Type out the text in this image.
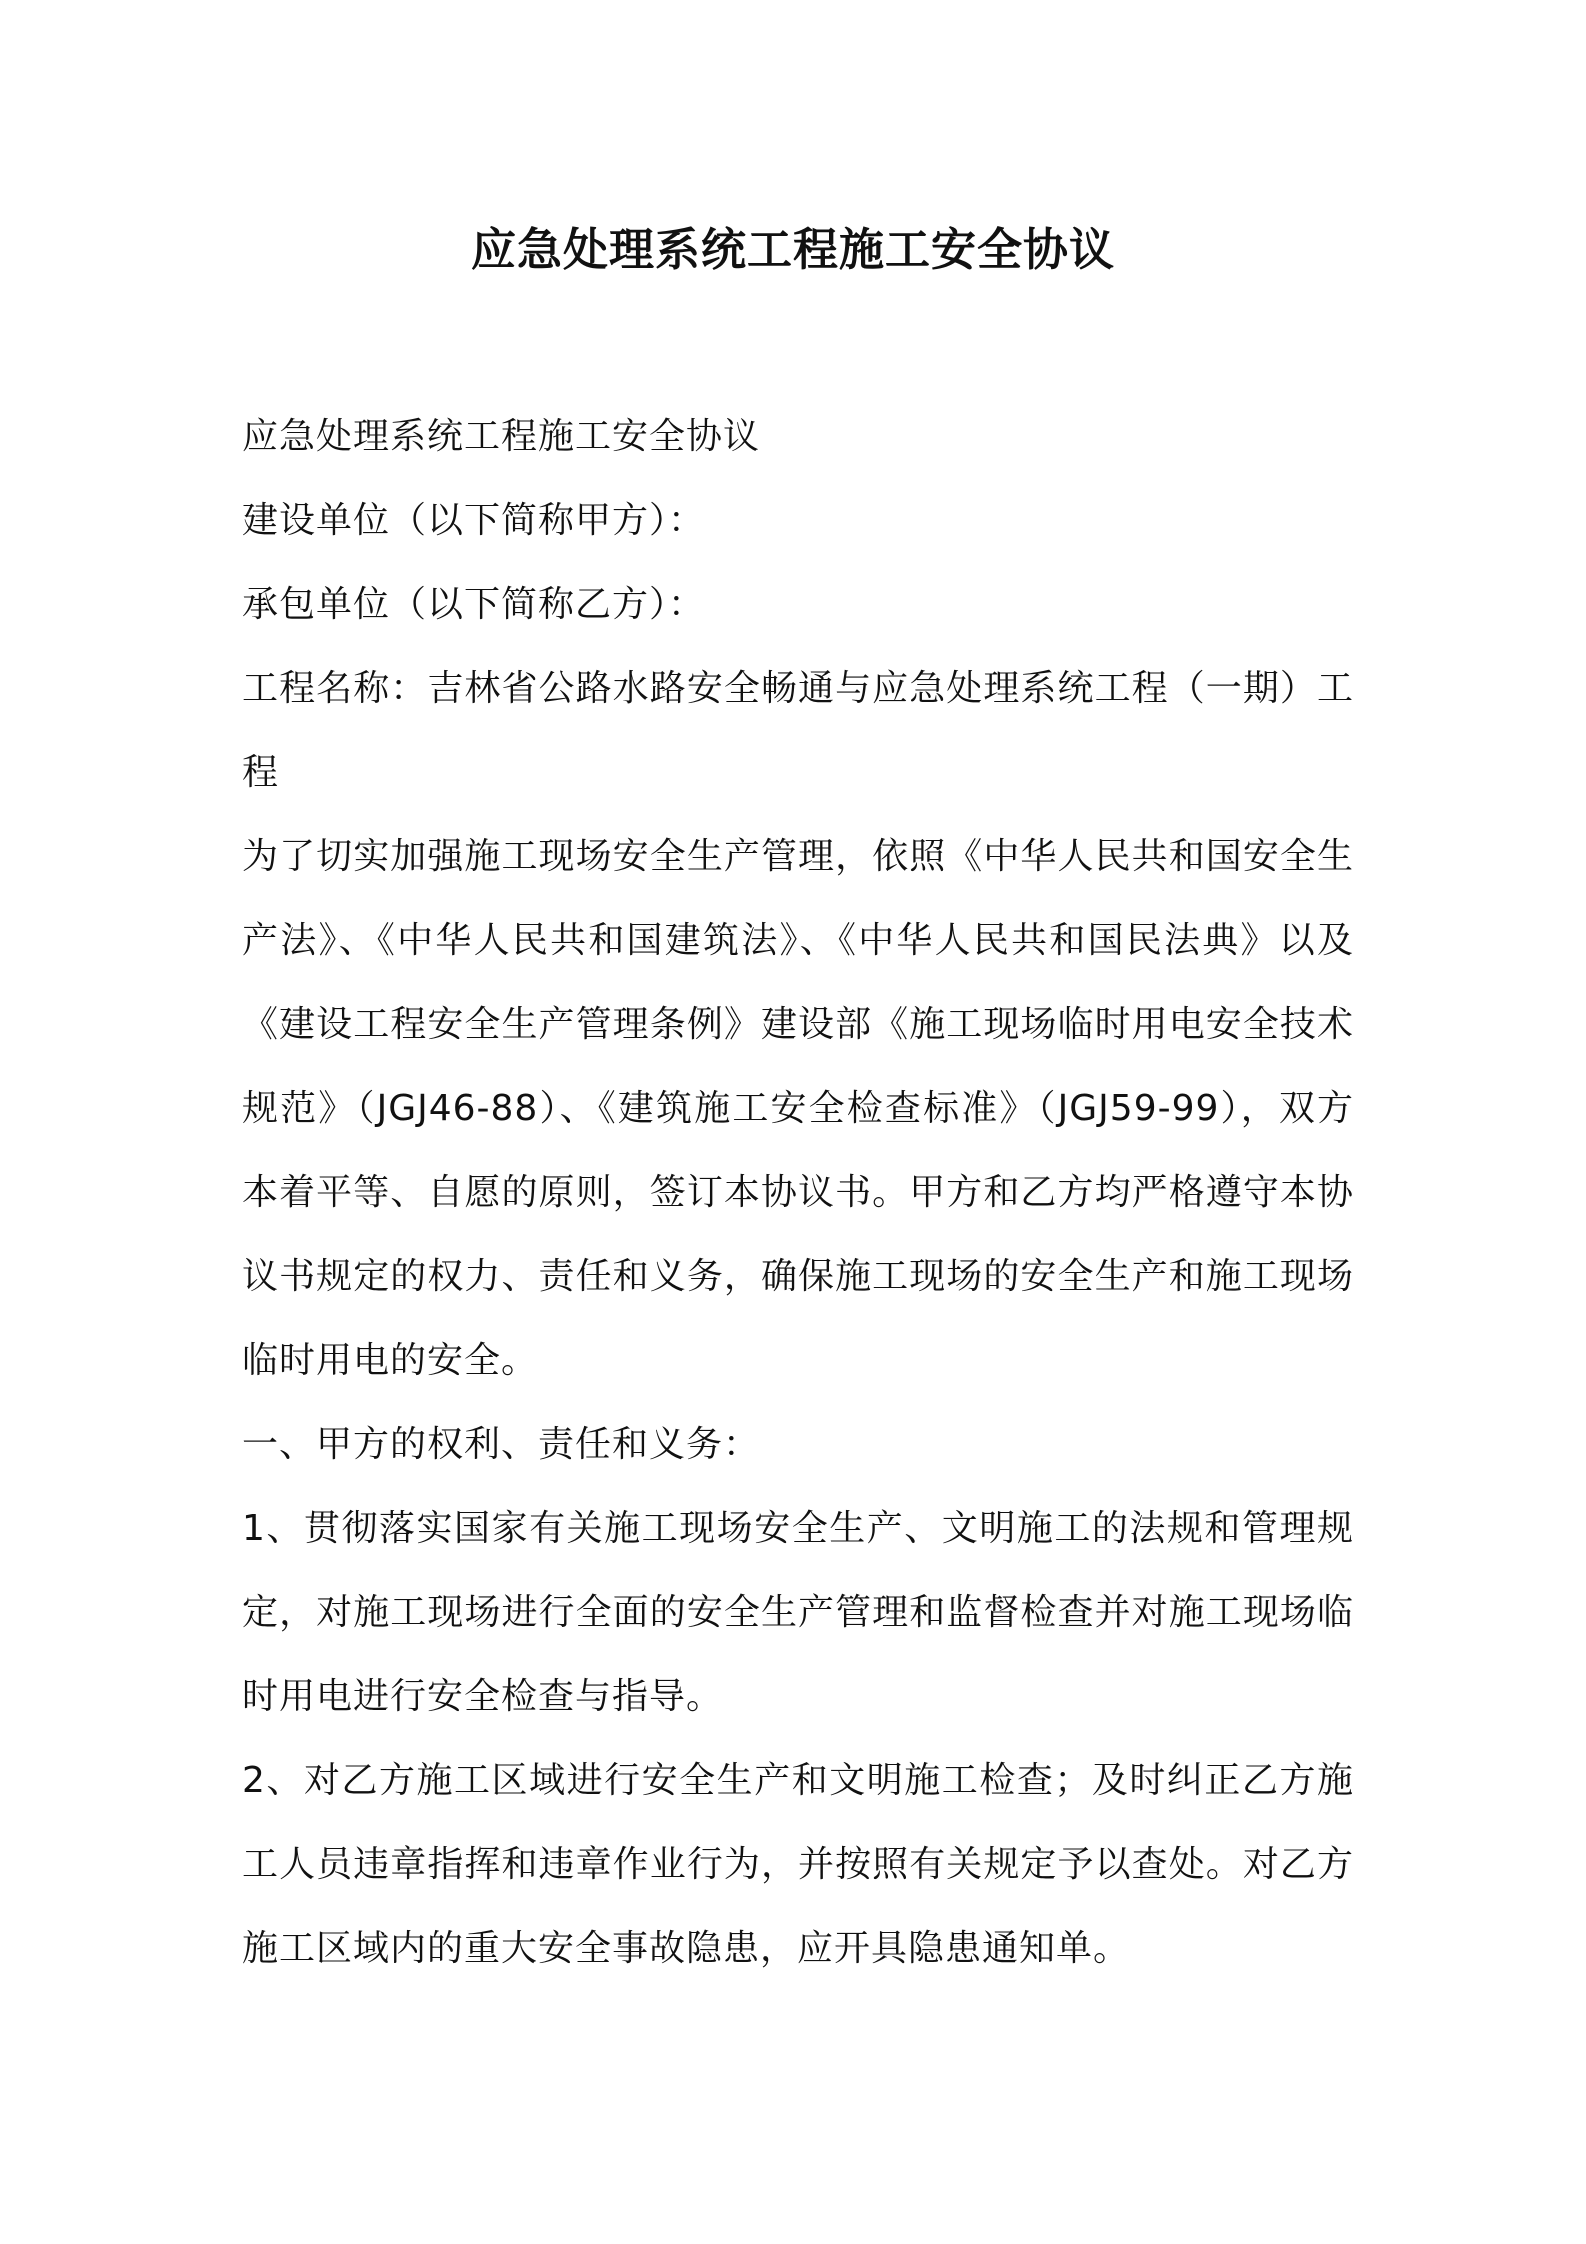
应急处理系统工程施工安全协议

应急处理系统工程施工安全协议

建设单位（以下简称甲方）：

承包单位（以下简称乙方）：

工程名称：吉林省公路水路安全畅通与应急处理系统工程（一期）工程

为了切实加强施工现场安全生产管理，依照《中华人民共和国安全生产法》、《中华人民共和国建筑法》、《中华人民共和国民法典》以及《建设工程安全生产管理条例》建设部《施工现场临时用电安全技术规范》（JGJ46-88）、《建筑施工安全检查标准》（JGJ59-99），双方本着平等、自愿的原则，签订本协议书。甲方和乙方均严格遵守本协议书规定的权力、责任和义务，确保施工现场的安全生产和施工现场临时用电的安全。

一、甲方的权利、责任和义务：

1、贯彻落实国家有关施工现场安全生产、文明施工的法规和管理规定，对施工现场进行全面的安全生产管理和监督检查并对施工现场临时用电进行安全检查与指导。

2、对乙方施工区域进行安全生产和文明施工检查；及时纠正乙方施工人员违章指挥和违章作业行为，并按照有关规定予以查处。对乙方施工区域内的重大安全事故隐患，应开具隐患通知单。
